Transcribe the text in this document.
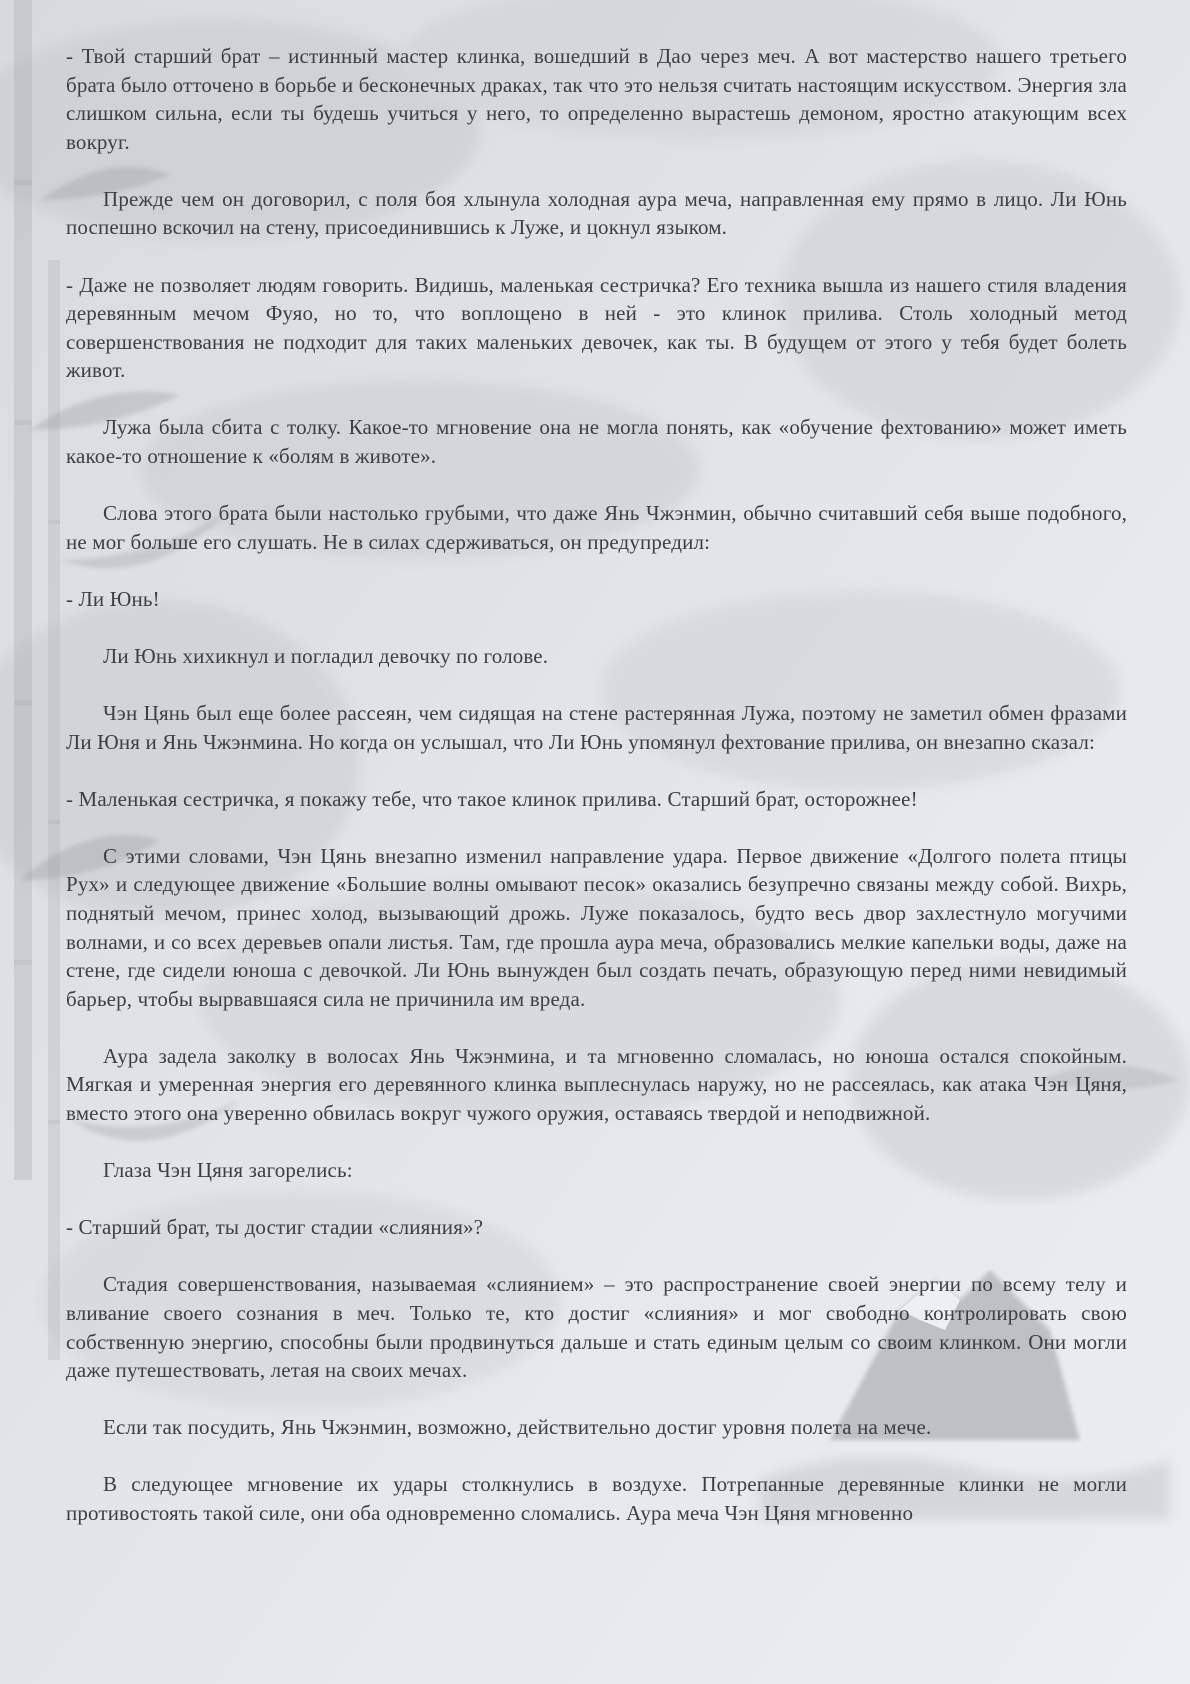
- Твой старший брат – истинный мастер клинка, вошедший в Дао через меч. А вот мастерство нашего третьего брата было отточено в борьбе и бесконечных драках, так что это нельзя считать настоящим искусством. Энергия зла слишком сильна, если ты будешь учиться у него, то определенно вырастешь демоном, яростно атакующим всех вокруг.

Прежде чем он договорил, с поля боя хлынула холодная аура меча, направленная ему прямо в лицо. Ли Юнь поспешно вскочил на стену, присоединившись к Луже, и цокнул языком.

- Даже не позволяет людям говорить. Видишь, маленькая сестричка? Его техника вышла из нашего стиля владения деревянным мечом Фуяо, но то, что воплощено в ней - это клинок прилива. Столь холодный метод совершенствования не подходит для таких маленьких девочек, как ты. В будущем от этого у тебя будет болеть живот.

Лужа была сбита с толку. Какое-то мгновение она не могла понять, как «обучение фехтованию» может иметь какое-то отношение к «болям в животе».

Слова этого брата были настолько грубыми, что даже Янь Чжэнмин, обычно считавший себя выше подобного, не мог больше его слушать. Не в силах сдерживаться, он предупредил:

- Ли Юнь!

Ли Юнь хихикнул и погладил девочку по голове.

Чэн Цянь был еще более рассеян, чем сидящая на стене растерянная Лужа, поэтому не заметил обмен фразами Ли Юня и Янь Чжэнмина. Но когда он услышал, что Ли Юнь упомянул фехтование прилива, он внезапно сказал:

- Маленькая сестричка, я покажу тебе, что такое клинок прилива. Старший брат, осторожнее!

С этими словами, Чэн Цянь внезапно изменил направление удара. Первое движение «Долгого полета птицы Рух» и следующее движение «Большие волны омывают песок» оказались безупречно связаны между собой. Вихрь, поднятый мечом, принес холод, вызывающий дрожь. Луже показалось, будто весь двор захлестнуло могучими волнами, и со всех деревьев опали листья. Там, где прошла аура меча, образовались мелкие капельки воды, даже на стене, где сидели юноша с девочкой. Ли Юнь вынужден был создать печать, образующую перед ними невидимый барьер, чтобы вырвавшаяся сила не причинила им вреда.

Аура задела заколку в волосах Янь Чжэнмина, и та мгновенно сломалась, но юноша остался спокойным. Мягкая и умеренная энергия его деревянного клинка выплеснулась наружу, но не рассеялась, как атака Чэн Цяня, вместо этого она уверенно обвилась вокруг чужого оружия, оставаясь твердой и неподвижной.

Глаза Чэн Цяня загорелись:

- Старший брат, ты достиг стадии «слияния»?

Стадия совершенствования, называемая «слиянием» – это распространение своей энергии по всему телу и вливание своего сознания в меч. Только те, кто достиг «слияния» и мог свободно контролировать свою собственную энергию, способны были продвинуться дальше и стать единым целым со своим клинком. Они могли даже путешествовать, летая на своих мечах.

Если так посудить, Янь Чжэнмин, возможно, действительно достиг уровня полета на мече.

В следующее мгновение их удары столкнулись в воздухе. Потрепанные деревянные клинки не могли противостоять такой силе, они оба одновременно сломались. Аура меча Чэн Цяня мгновенно
